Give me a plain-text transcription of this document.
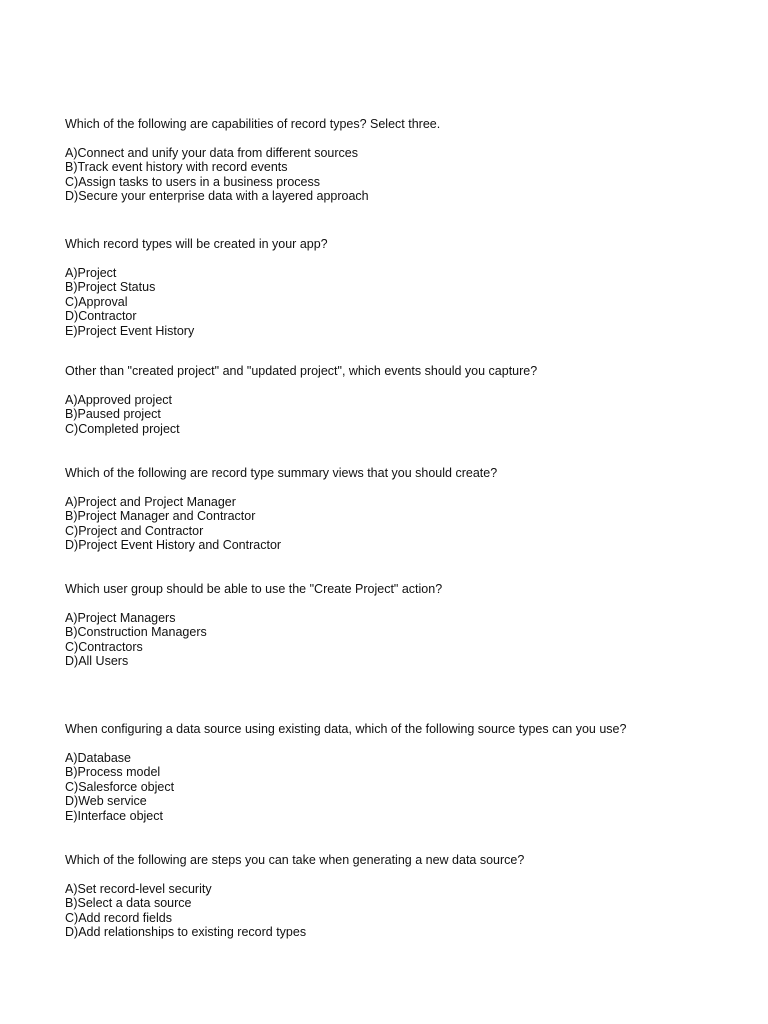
Which of the following are capabilities of record types? Select three.

A)Connect and unify your data from different sources
B)Track event history with record events
C)Assign tasks to users in a business process
D)Secure your enterprise data with a layered approach

Which record types will be created in your app?

A)Project
B)Project Status
C)Approval
D)Contractor
E)Project Event History

Other than "created project" and "updated project", which events should you capture?

A)Approved project
B)Paused project
C)Completed project

Which of the following are record type summary views that you should create?

A)Project and Project Manager
B)Project Manager and Contractor
C)Project and Contractor
D)Project Event History and Contractor

Which user group should be able to use the "Create Project" action?

A)Project Managers
B)Construction Managers
C)Contractors
D)All Users

When configuring a data source using existing data, which of the following source types can you use?

A)Database
B)Process model
C)Salesforce object
D)Web service
E)Interface object

Which of the following are steps you can take when generating a new data source?

A)Set record-level security
B)Select a data source
C)Add record fields
D)Add relationships to existing record types
